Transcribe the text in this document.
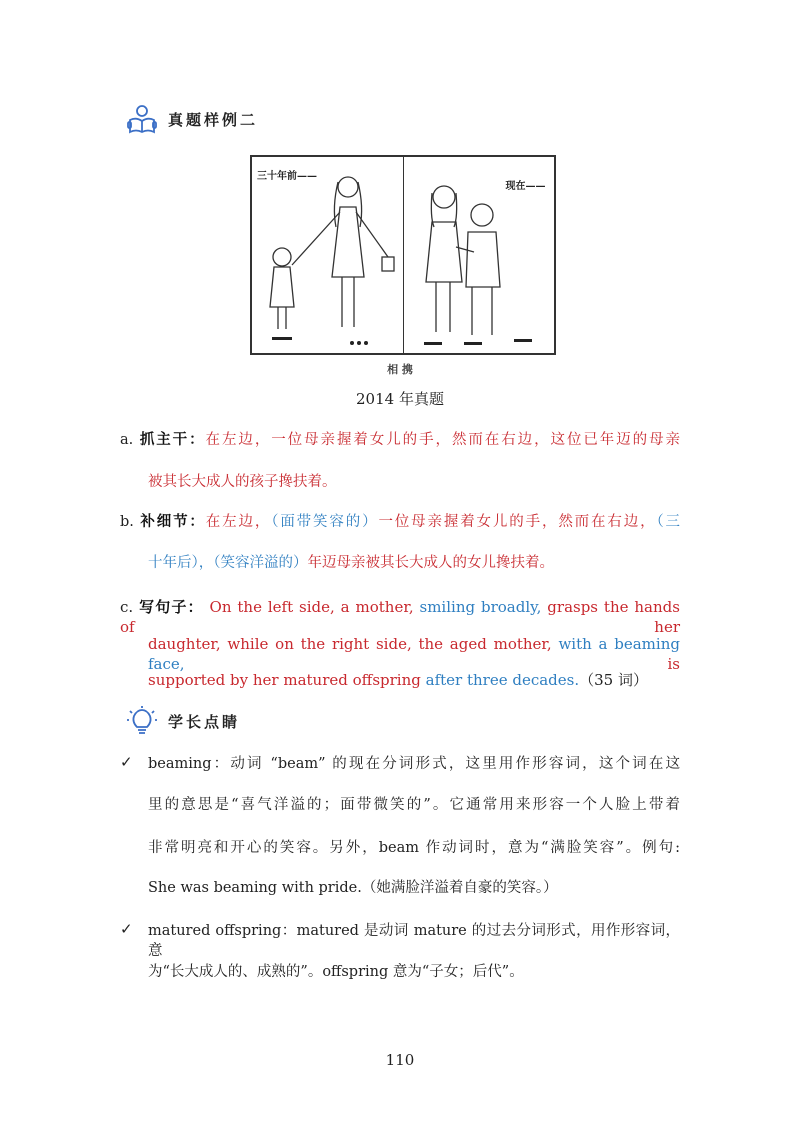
真题样例二
三十年前——
现在——
相 携
2014 年真题
a. 抓主干：在左边，一位母亲握着女儿的手，然而在右边，这位已年迈的母亲
被其长大成人的孩子搀扶着。
b. 补细节：在左边，（面带笑容的）一位母亲握着女儿的手，然而在右边，（三
十年后），（笑容洋溢的）年迈母亲被其长大成人的女儿搀扶着。
c. 写句子： On the left side, a mother, smiling broadly, grasps the hands of her
daughter, while on the right side, the aged mother, with a beaming face,	is
supported by her matured offspring after three decades.（35 词）
学长点睛
✓ beaming：动词 “beam” 的现在分词形式，这里用作形容词，这个词在这
里的意思是“喜气洋溢的；面带微笑的”。它通常用来形容一个人脸上带着
非常明亮和开心的笑容。另外，beam 作动词时，意为“满脸笑容”。例句:
She was beaming with pride.（她满脸洋溢着自豪的笑容。）
✓ matured offspring：matured 是动词 mature 的过去分词形式，用作形容词，意
为“长大成人的、成熟的”。offspring 意为“子女；后代”。
110
